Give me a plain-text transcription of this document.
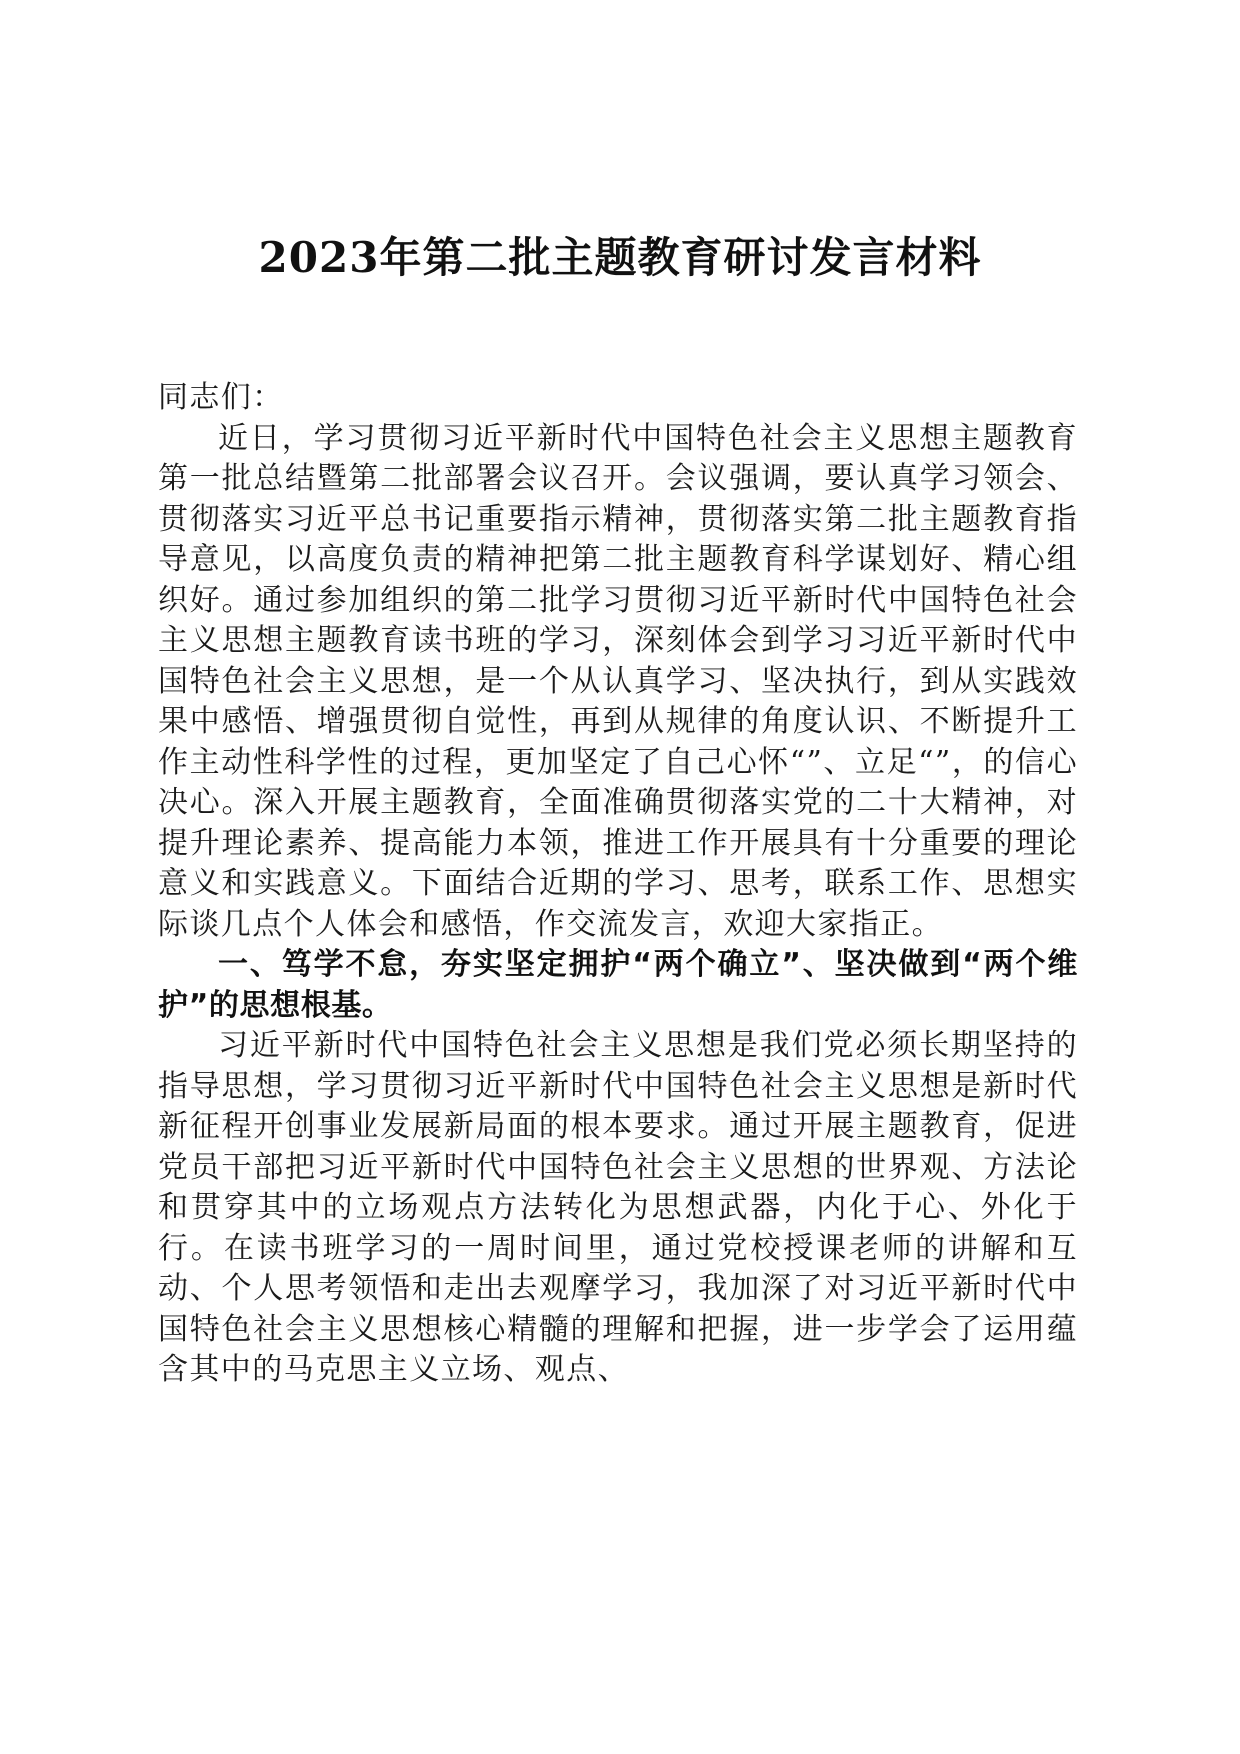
2023年第二批主题教育研讨发言材料

同志们：

近日，学习贯彻习近平新时代中国特色社会主义思想主题教育第一批总结暨第二批部署会议召开。会议强调，要认真学习领会、贯彻落实习近平总书记重要指示精神，贯彻落实第二批主题教育指导意见，以高度负责的精神把第二批主题教育科学谋划好、精心组织好。通过参加组织的第二批学习贯彻习近平新时代中国特色社会主义思想主题教育读书班的学习，深刻体会到学习习近平新时代中国特色社会主义思想，是一个从认真学习、坚决执行，到从实践效果中感悟、增强贯彻自觉性，再到从规律的角度认识、不断提升工作主动性科学性的过程，更加坚定了自己心怀“”、立足“”，的信心决心。深入开展主题教育，全面准确贯彻落实党的二十大精神，对提升理论素养、提高能力本领，推进工作开展具有十分重要的理论意义和实践意义。下面结合近期的学习、思考，联系工作、思想实际谈几点个人体会和感悟，作交流发言，欢迎大家指正。

一、笃学不怠，夯实坚定拥护“两个确立”、坚决做到“两个维护”的思想根基。

习近平新时代中国特色社会主义思想是我们党必须长期坚持的指导思想，学习贯彻习近平新时代中国特色社会主义思想是新时代新征程开创事业发展新局面的根本要求。通过开展主题教育，促进党员干部把习近平新时代中国特色社会主义思想的世界观、方法论和贯穿其中的立场观点方法转化为思想武器，内化于心、外化于行。在读书班学习的一周时间里，通过党校授课老师的讲解和互动、个人思考领悟和走出去观摩学习，我加深了对习近平新时代中国特色社会主义思想核心精髓的理解和把握，进一步学会了运用蕴含其中的马克思主义立场、观点、
